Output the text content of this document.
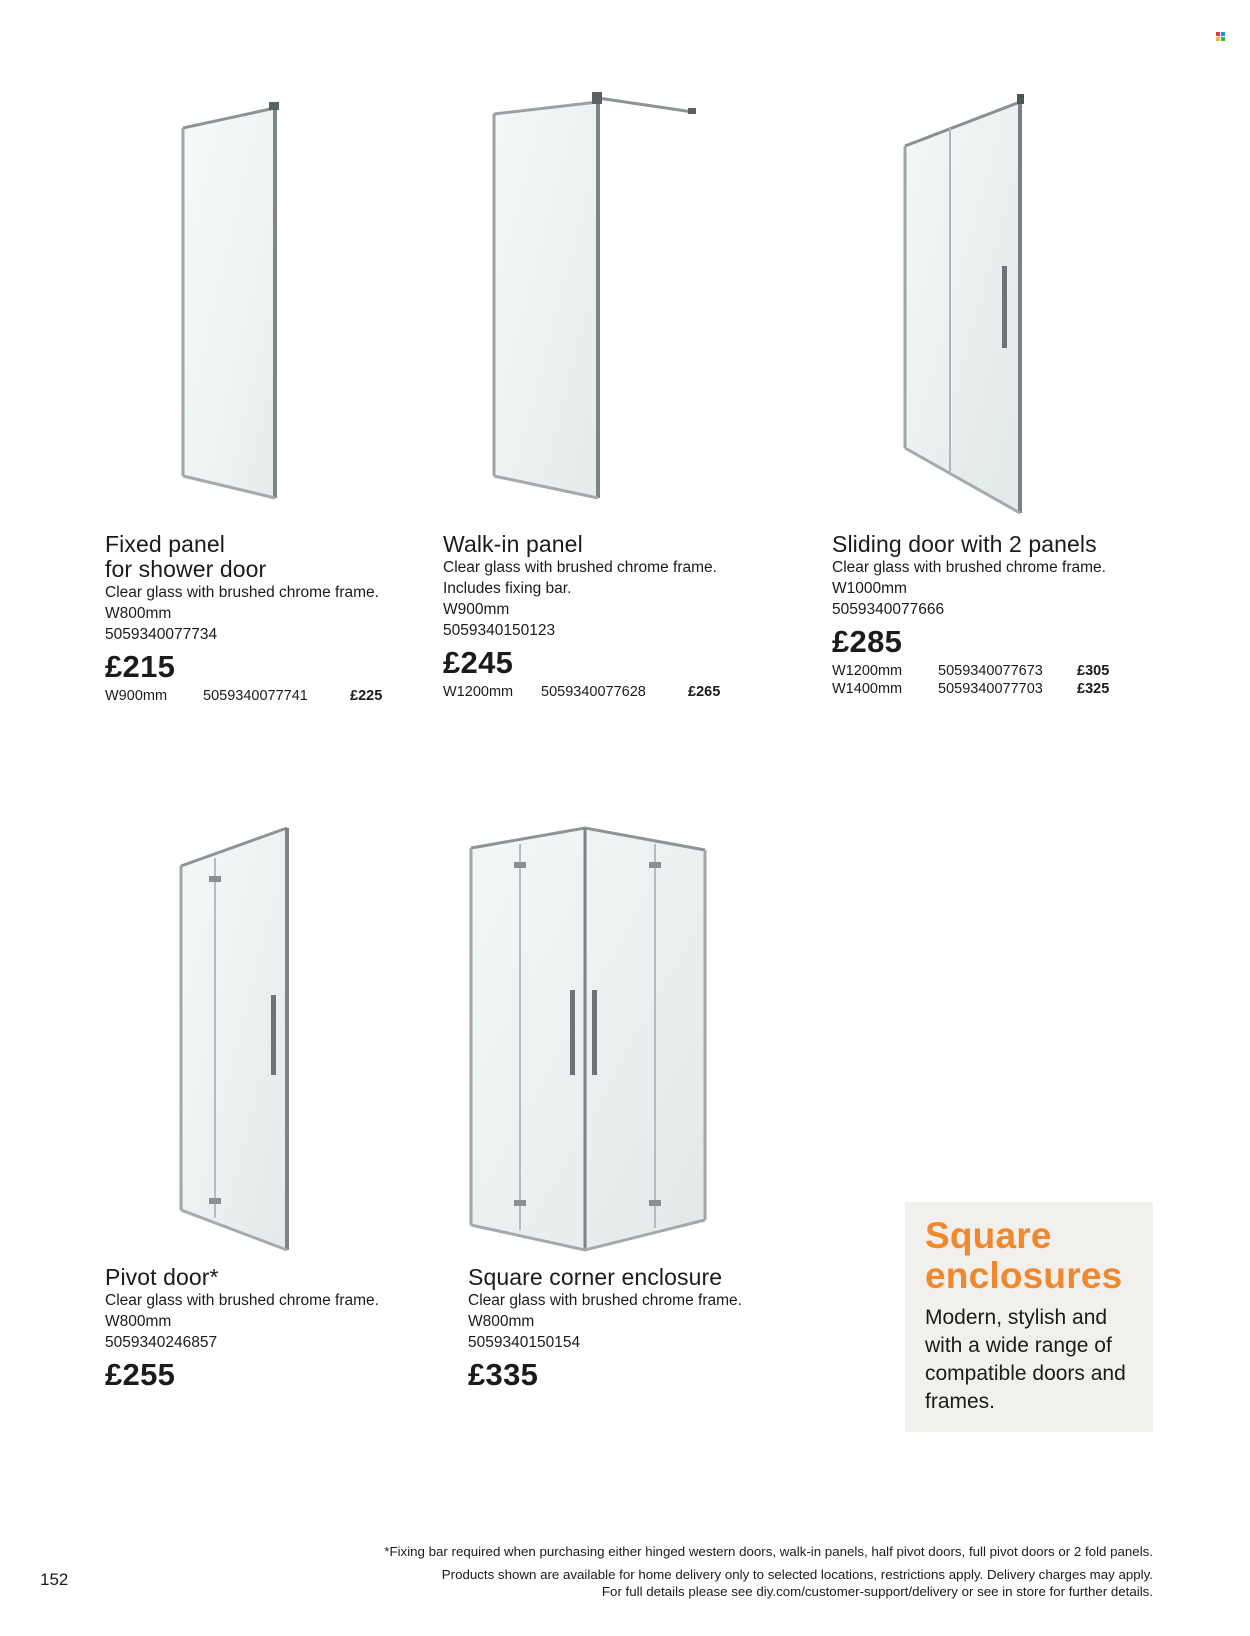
Fixed panel
for shower door

Clear glass with brushed chrome frame.
W800mm
5059340077734

£215
W900mm 5059340077741	£225
Walk-in panel

Clear glass with brushed chrome frame.
Includes fixing bar.
W900mm
5059340150123

£245
W1200mm 5059340077628	£265
Sliding door with 2 panels

Clear glass with brushed chrome frame.
W1000mm
5059340077666

£285
W1200mm 5059340077673 £305
W1400mm 5059340077703 £325
Pivot door*

Clear glass with brushed chrome frame.
W800mm
5059340246857

£255
Square corner enclosure

Clear glass with brushed chrome frame.
W800mm
5059340150154

£335
Square
enclosures

Modern, stylish and with a wide range of compatible doors and frames.

152
*Fixing bar required when purchasing either hinged western doors, walk-in panels, half pivot doors, full pivot doors or 2 fold panels.
Products shown are available for home delivery only to selected locations, restrictions apply. Delivery charges may apply.
For full details please see diy.com/customer-support/delivery or see in store for further details.
